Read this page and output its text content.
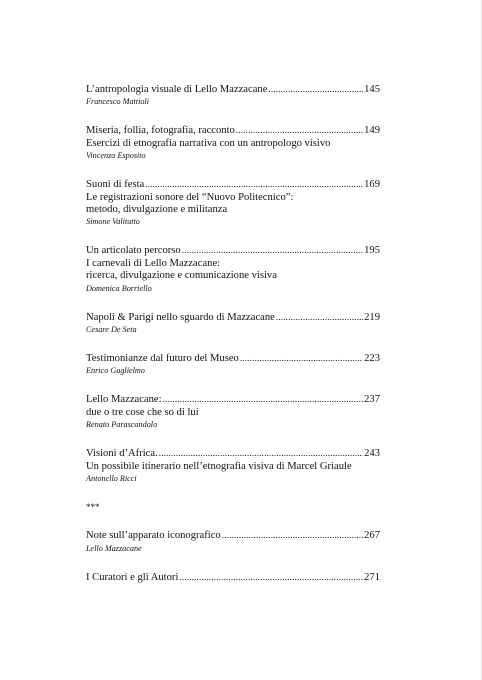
L’antropologia visuale di Lello Mazzacane .....	145
Francesco Mattioli
Miseria, follia, fotografia, racconto .....	149
Esercizi di etnografia narrativa con un antropologo visivo
Vincenzo Esposito
Suoni di festa .....	169
Le registrazioni sonore del “Nuovo Politecnico”:
metodo, divulgazione e militanza
Simone Valitutto
Un articolato percorso .....	195
I carnevali di Lello Mazzacane:
ricerca, divulgazione e comunicazione visiva
Domenica Borriello
Napoli & Parigi nello sguardo di Mazzacane .....	219
Cesare De Seta
Testimonianze dal futuro del Museo .....	223
Enrico Guglielmo
Lello Mazzacane: .....	237
due o tre cose che so di lui
Renato Parascandolo
Visioni d’Africa. .....	243
Un possibile itinerario nell’etnografia visiva di Marcel Griaule
Antonello Ricci
***
Note sull’apparato iconografico .....	267
Lello Mazzacane
I Curatori e gli Autori .....	271
